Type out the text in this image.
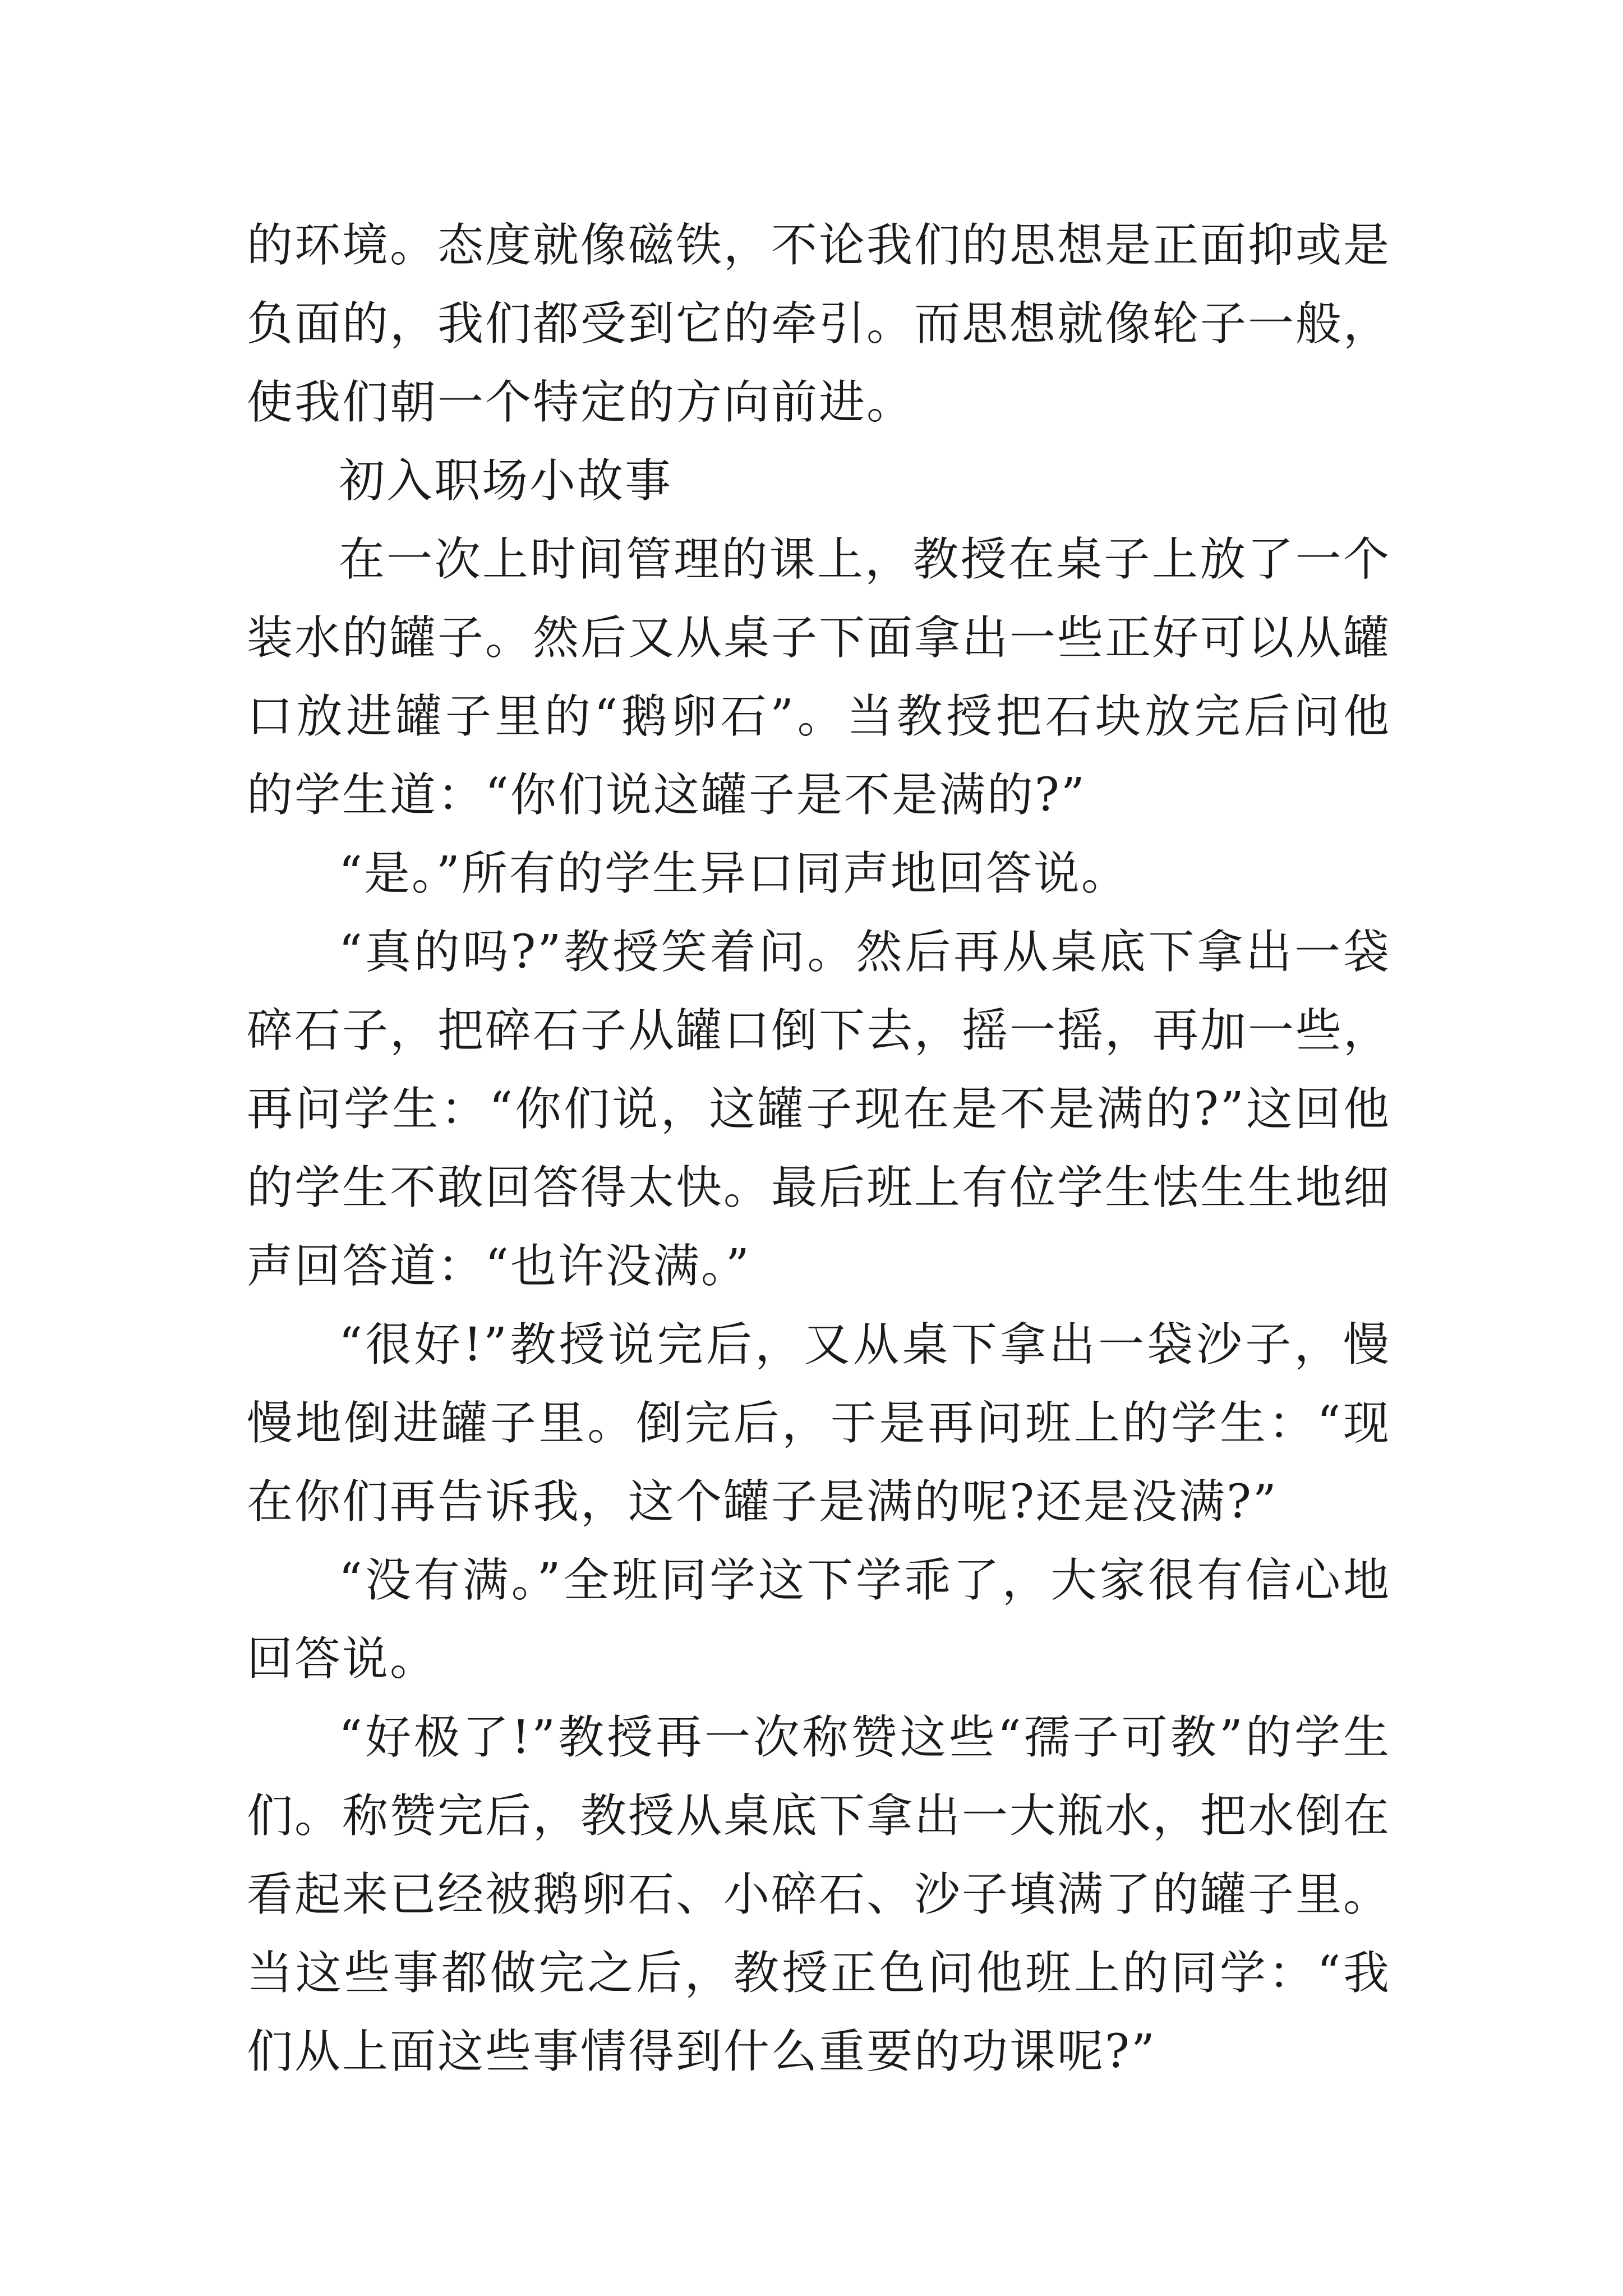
的环境。态度就像磁铁，不论我们的思想是正面抑或是负面的，我们都受到它的牵引。而思想就像轮子一般，使我们朝一个特定的方向前进。

初入职场小故事

在一次上时间管理的课上，教授在桌子上放了一个装水的罐子。然后又从桌子下面拿出一些正好可以从罐口放进罐子里的“鹅卵石”。当教授把石块放完后问他的学生道：“你们说这罐子是不是满的?”

“是。”所有的学生异口同声地回答说。

“真的吗?”教授笑着问。然后再从桌底下拿出一袋碎石子，把碎石子从罐口倒下去，摇一摇，再加一些，再问学生：“你们说，这罐子现在是不是满的?”这回他的学生不敢回答得太快。最后班上有位学生怯生生地细声回答道：“也许没满。”

“很好!”教授说完后，又从桌下拿出一袋沙子，慢慢地倒进罐子里。倒完后，于是再问班上的学生：“现在你们再告诉我，这个罐子是满的呢?还是没满?”

“没有满。”全班同学这下学乖了，大家很有信心地回答说。

“好极了!”教授再一次称赞这些“孺子可教”的学生们。称赞完后，教授从桌底下拿出一大瓶水，把水倒在看起来已经被鹅卵石、小碎石、沙子填满了的罐子里。当这些事都做完之后，教授正色问他班上的同学：“我们从上面这些事情得到什么重要的功课呢?”
